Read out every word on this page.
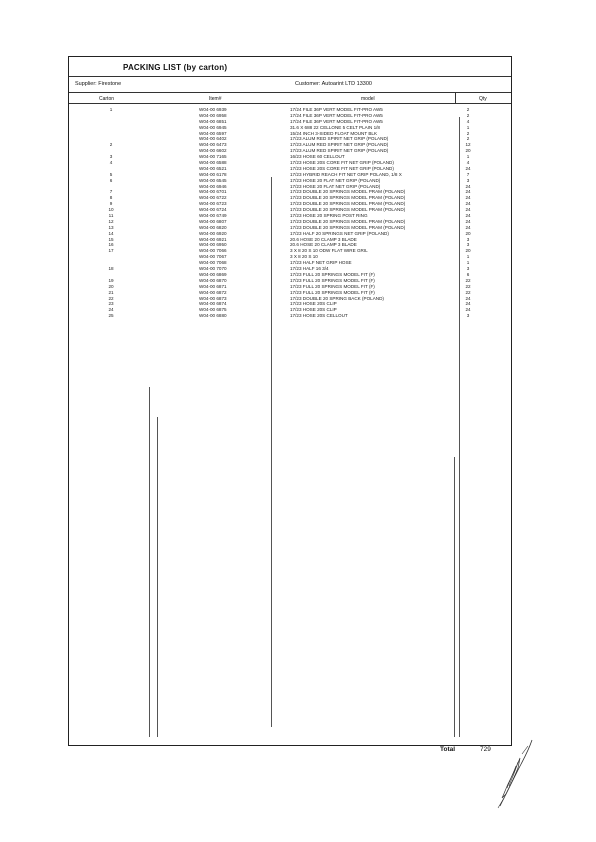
PACKING LIST (by carton)
Supplier: Firestone	Customer: Autoarint LTD 13300
Carton	Item#	model	Qty
1	W04-00 6939	17/24 FILE 36P VERT MODEL FIT-PRO AW5	2
W04-00 6958	17/24 FILE 36P VERT MODEL FIT-PRO AW5	2
W04-00 6851	17/24 FILE 36P VERT MODEL FIT-PRO AW5	4
W04-00 6945	31.6 X 688 22 CELLONE 5 CELT PLAIN 1/8	1
W04-00 6597	15/24 INCH 3-SIDED FLOAT MOUNT BLK	2
W04-00 6402	17/23 ALUM RED SPIRIT NET GRIP (POLAND)	2
2	W04-00 6473	17/23 ALUM RED SPIRIT NET GRIP (POLAND)	12
W04-00 6602	17/23 ALUM RED SPIRIT NET GRIP (POLAND)	20
3	W04-00 7165	16/23 HOSE 60 CELLOUT	1
4	W04-00 6588	17/23 HOSE 20S CORE FIT NET GRIP (POLAND)	4
W04-00 6521	17/23 HOSE 20S CORE FIT NET GRIP (POLAND)	24
5	W04-00 6178	17/23 HYBRID REACH FIT NET GRIP POLAND, 1/8 X	7
6	W04-00 6545	17/23 HOSE 20 FLAT NET GRIP (POLAND)	3
W04-00 6946	17/23 HOSE 20 FLAT NET GRIP (POLAND)	24
7	W04-00 6701	17/23 DOUBLE 20 SPRINGS MODEL PRAM (POLAND)	24
8	W04-00 6722	17/23 DOUBLE 20 SPRINGS MODEL PRAM (POLAND)	24
9	W04-00 6723	17/23 DOUBLE 20 SPRINGS MODEL PRAM (POLAND)	24
10	W04-00 6724	17/23 DOUBLE 20 SPRINGS MODEL PRAM (POLAND)	24
11	W04-00 6749	17/23 HOSE 20 SPRING POST RING	24
12	W04-00 6807	17/23 DOUBLE 20 SPRINGS MODEL PRAM (POLAND)	24
13	W04-00 6820	17/23 DOUBLE 20 SPRINGS MODEL PRAM (POLAND)	24
14	W04-00 6920	17/23 HALF 20 SPRINGS NET GRIP (POLAND)	20
15	W04-00 6921	20.6 HOSE 20 CLAMP 3 BLADE	3
16	W04-00 6950	20.6 HOSE 20 CLAMP 3 BLADE	3
17	W04-00 7066	3 X 8 20 S 10 ODW FLAT WIRE GRIL	20
W04-00 7067	3 X 8 20 S 10	1
W04-00 7068	17/23 HALF NET GRIP HOSE	1
18	W04-00 7070	17/23 HALF 16 3/4	3
W04-00 6869	17/23 FULL 20 SPRINGS MODEL FIT (F)	6
19	W04-00 6870	17/23 FULL 20 SPRINGS MODEL FIT (F)	22
20	W04-00 6871	17/23 FULL 20 SPRINGS MODEL FIT (F)	22
21	W04-00 6872	17/23 FULL 20 SPRINGS MODEL FIT (F)	22
22	W04-00 6873	17/23 DOUBLE 20 SPRING BACK (POLAND)	24
23	W04-00 6874	17/23 HOSE 20S CLIP	24
24	W04-00 6875	17/23 HOSE 20S CLIP	24
25	W04-00 6880	17/23 HOSE 20S CELLOUT	3
Total	729
